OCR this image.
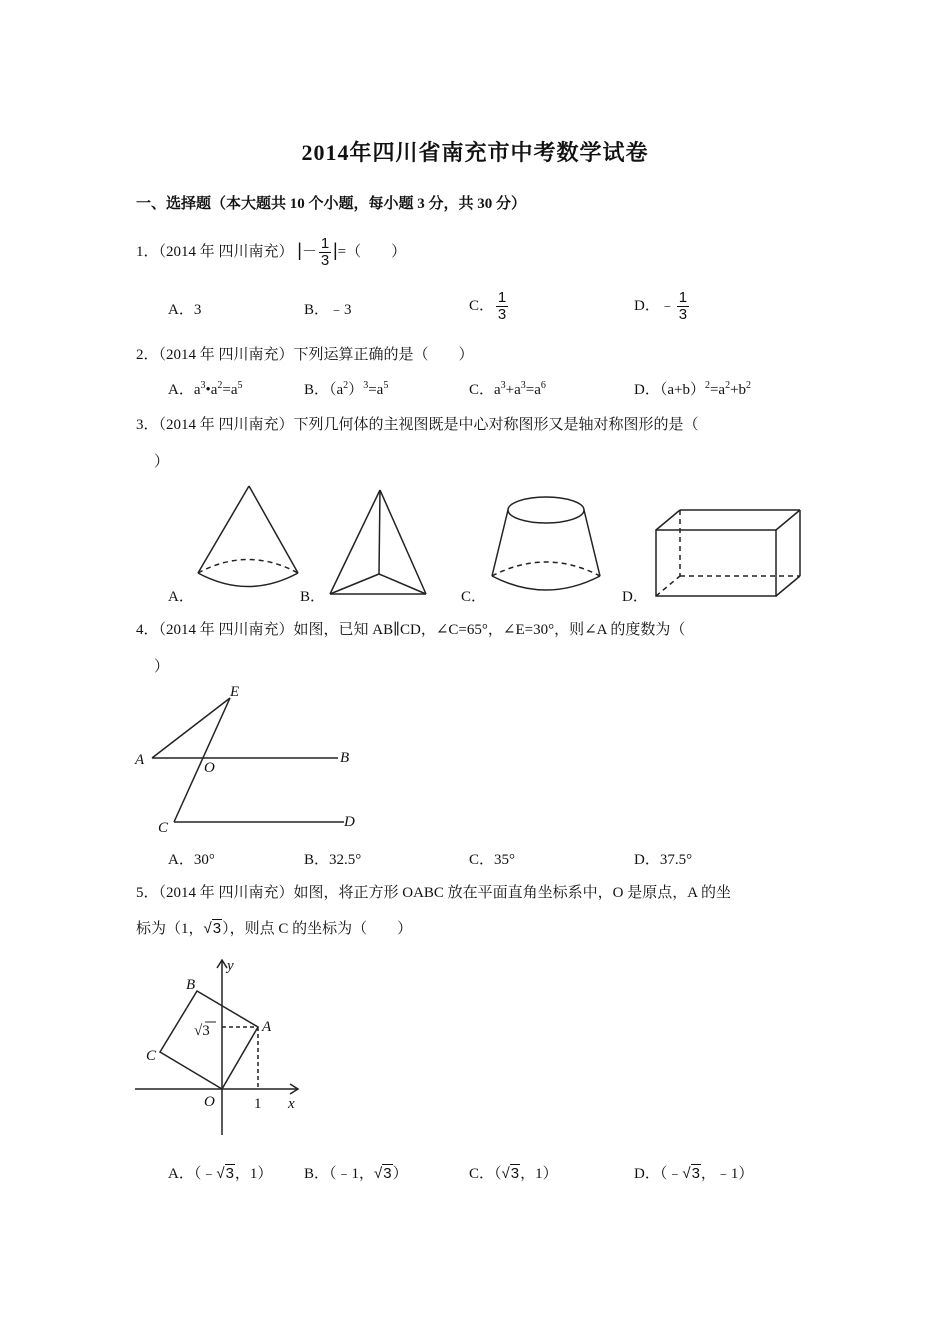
2014年四川省南充市中考数学试卷
一、选择题（本大题共 10 个小题，每小题 3 分，共 30 分）
1．（2014 年 四川南充） |－ $\frac{1}{3}$ |=（　　）
A．3	B．﹣3	C． $\frac{1}{3}$	D．﹣ $\frac{1}{3}$
2．（2014 年 四川南充）下列运算正确的是（　　）
A．$a^3•a^2=a^5$	B．$(a^2)^3=a^5$	C．$a^3+a^3=a^6$	D．$(a+b)^2=a^2+b^2$
3．（2014 年 四川南充）下列几何体的主视图既是中心对称图形又是轴对称图形的是（
）
A．	B．	C．	D．
4．（2014 年 四川南充）如图，已知 AB∥CD，∠C=65°，∠E=30°，则∠A 的度数为（
）
E
A	O
B
C	D
A．30°	B．32.5°	C．35°	D．37.5°
5．（2014 年 四川南充）如图，将正方形 OABC 放在平面直角坐标系中，O 是原点，A 的坐
标为（1，√3），则点 C 的坐标为（　　）
B
y
√3	A
C
O	1 x
A．（﹣√3，1） B．（﹣1，√3）	C．（√3，1）	D．（﹣√3，﹣1）
